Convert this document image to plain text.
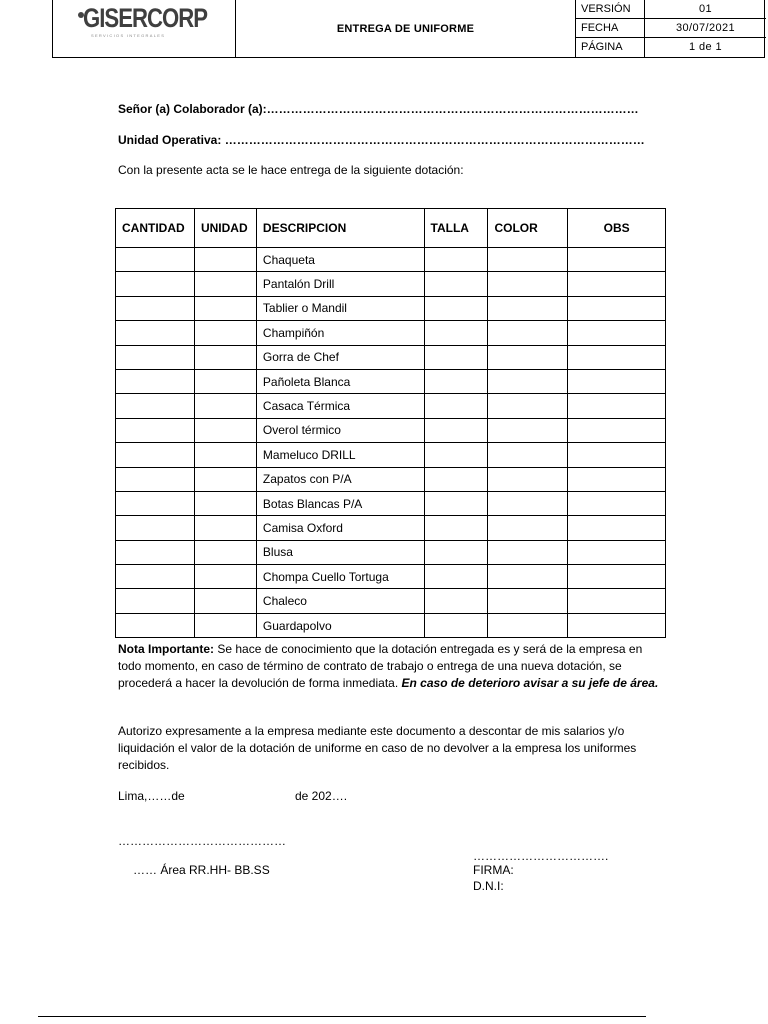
GISERCORP
SERVICIOS INTEGRALES
ENTREGA DE UNIFORME
VERSIÓN	01
FECHA	30/07/2021
PÁGINA	1 de 1
Señor (a) Colaborador (a):…………………………………………………………………………………
Unidad Operativa: ……………………………………………………………………………………………
Con la presente acta se le hace entrega de la siguiente dotación:
CANTIDAD	UNIDAD	DESCRIPCION	TALLA	COLOR	OBS
		Chaqueta			
		Pantalón Drill			
		Tablier o Mandil			
		Champiñón			
		Gorra de Chef			
		Pañoleta Blanca			
		Casaca Térmica			
		Overol térmico			
		Mameluco DRILL			
		Zapatos con P/A			
		Botas Blancas P/A			
		Camisa Oxford			
		Blusa			
		Chompa Cuello Tortuga			
		Chaleco			
		Guardapolvo			
Nota Importante: Se hace de conocimiento que la dotación entregada es y será de la empresa en todo momento, en caso de término de contrato de trabajo o entrega de una nueva dotación, se procederá a hacer la devolución de forma inmediata. En caso de deterioro avisar a su jefe de área.
Autorizo expresamente a la empresa mediante este documento a descontar de mis salarios y/o liquidación el valor de la dotación de uniforme en caso de no devolver a la empresa los uniformes recibidos.
Lima,……de	de 202….
……………………………………
…… Área RR.HH- BB.SS
…………………………….
FIRMA:
D.N.I:
